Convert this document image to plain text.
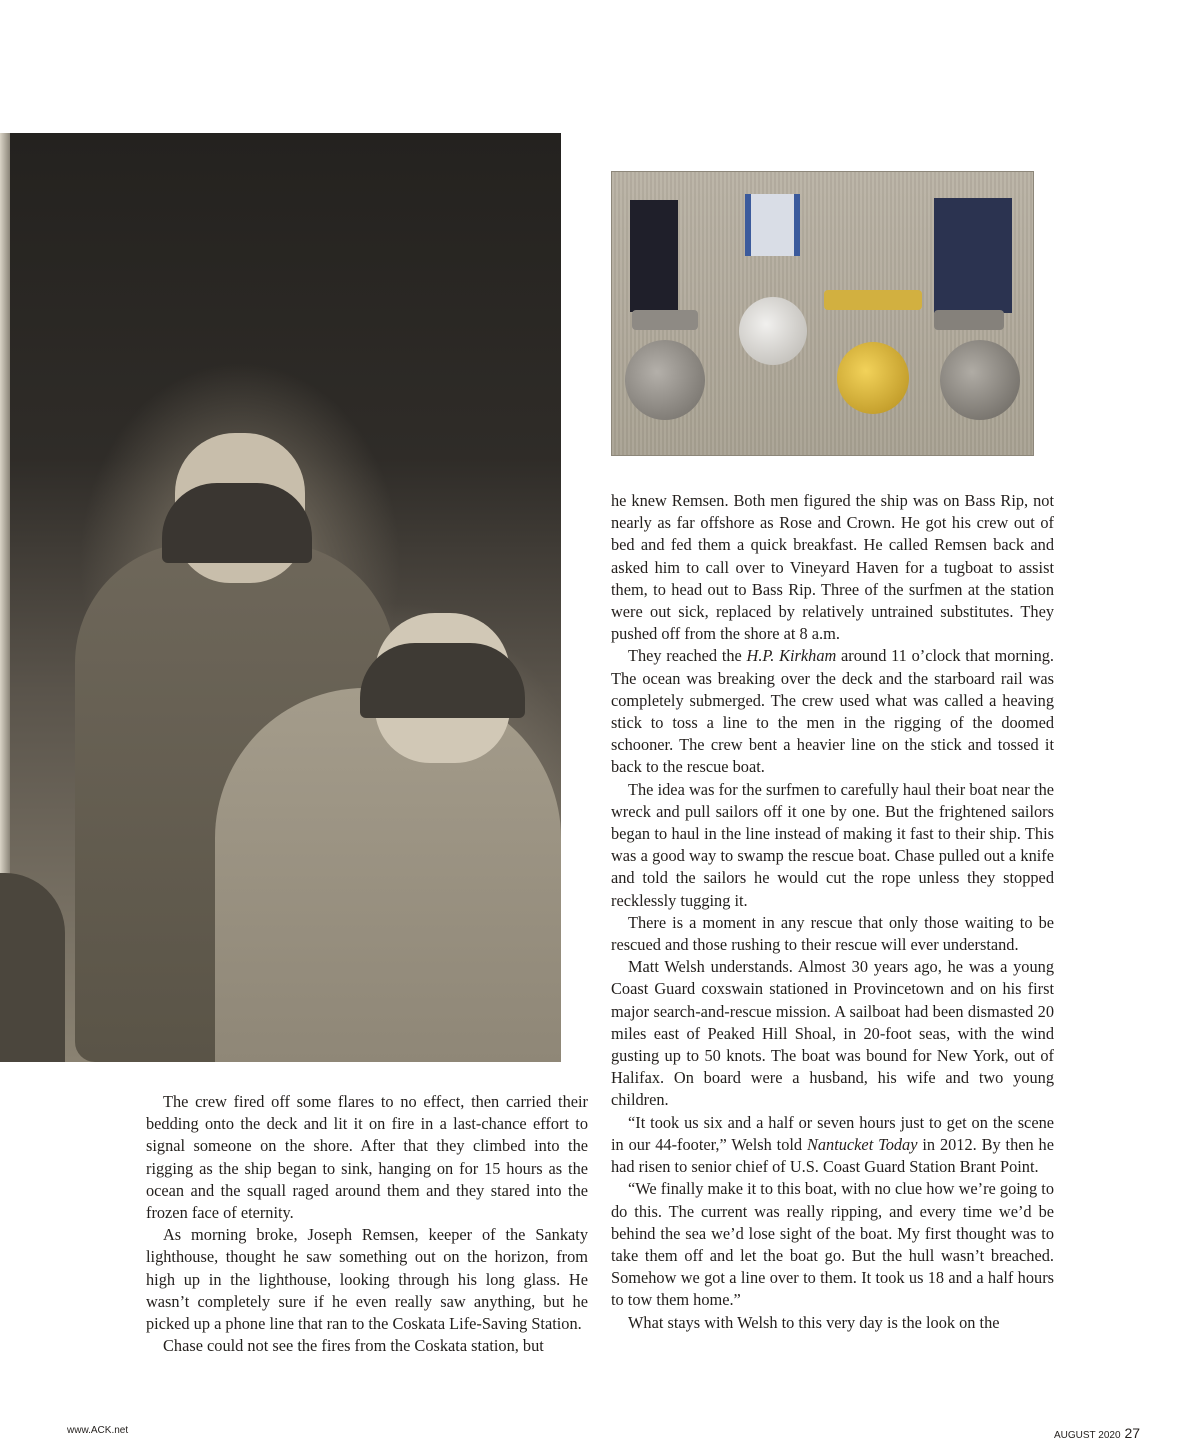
The crew fired off some flares to no effect, then carried their bedding onto the deck and lit it on fire in a last-chance effort to signal someone on the shore. After that they climbed into the rigging as the ship began to sink, hanging on for 15 hours as the ocean and the squall raged around them and they stared into the frozen face of eternity.

As morning broke, Joseph Remsen, keeper of the Sankaty lighthouse, thought he saw something out on the horizon, from high up in the lighthouse, looking through his long glass. He wasn’t completely sure if he even really saw anything, but he picked up a phone line that ran to the Coskata Life-Saving Station.

Chase could not see the fires from the Coskata station, but

he knew Remsen. Both men figured the ship was on Bass Rip, not nearly as far offshore as Rose and Crown. He got his crew out of bed and fed them a quick breakfast. He called Remsen back and asked him to call over to Vineyard Haven for a tugboat to assist them, to head out to Bass Rip. Three of the surfmen at the station were out sick, replaced by relatively untrained substitutes. They pushed off from the shore at 8 a.m.

They reached the H.P. Kirkham around 11 o’clock that morning. The ocean was breaking over the deck and the starboard rail was completely submerged. The crew used what was called a heaving stick to toss a line to the men in the rigging of the doomed schooner. The crew bent a heavier line on the stick and tossed it back to the rescue boat.

The idea was for the surfmen to carefully haul their boat near the wreck and pull sailors off it one by one. But the frightened sailors began to haul in the line instead of making it fast to their ship. This was a good way to swamp the rescue boat. Chase pulled out a knife and told the sailors he would cut the rope unless they stopped recklessly tugging it.

There is a moment in any rescue that only those waiting to be rescued and those rushing to their rescue will ever understand.

Matt Welsh understands. Almost 30 years ago, he was a young Coast Guard coxswain stationed in Provincetown and on his first major search-and-rescue mission. A sailboat had been dismasted 20 miles east of Peaked Hill Shoal, in 20-foot seas, with the wind gusting up to 50 knots. The boat was bound for New York, out of Halifax. On board were a husband, his wife and two young children.

“It took us six and a half or seven hours just to get on the scene in our 44-footer,” Welsh told Nantucket Today in 2012. By then he had risen to senior chief of U.S. Coast Guard Station Brant Point.

“We finally make it to this boat, with no clue how we’re going to do this. The current was really ripping, and every time we’d be behind the sea we’d lose sight of the boat. My first thought was to take them off and let the boat go. But the hull wasn’t breached. Somehow we got a line over to them. It took us 18 and a half hours to tow them home.”

What stays with Welsh to this very day is the look on the

www.ACK.net	AUGUST 2020 27
